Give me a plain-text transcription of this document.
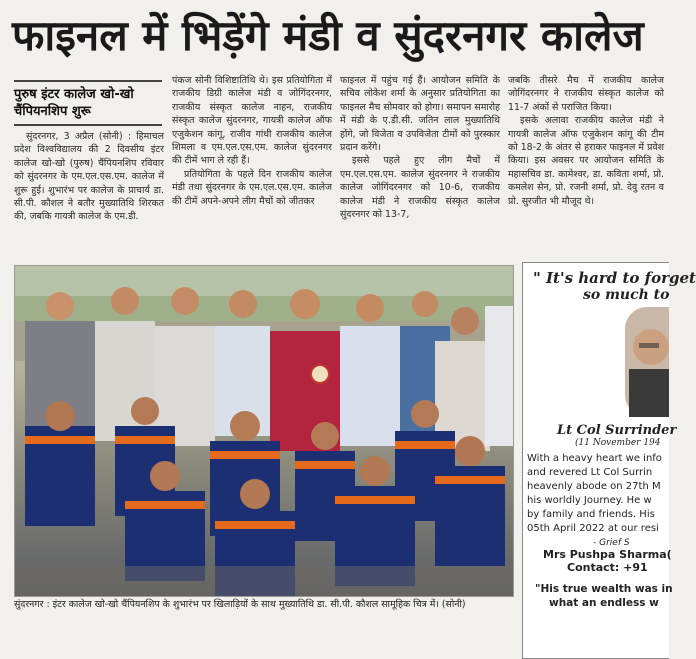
फाइनल में भिड़ेंगे मंडी व सुंदरनगर कालेज
पुरुष इंटर कालेज खो-खो चैंपियनशिप शुरू

सुंदरनगर, 3 अप्रैल (सोनी) : हिमाचल प्रदेश विश्वविद्यालय की 2 दिवसीय इंटर कालेज खो-खो (पुरुष) चैंपियनशिप रविवार को सुंदरनगर के एम.एल.एस.एम. कालेज में शुरू हुई। शुभारंभ पर कालेज के प्राचार्य डा. सी.पी. कौशल ने बतौर मुख्यातिथि शिरकत की, जबकि गायत्री कालेज के एम.डी.

पंकज सोनी विशिष्टातिथि थे। इस प्रतियोगिता में राजकीय डिग्री कालेज मंडी व जोगिंदरनगर, राजकीय संस्कृत कालेज नाहन, राजकीय संस्कृत कालेज सुंदरनगर, गायत्री कालेज ऑफ एजुकेशन कांगू, राजीव गांधी राजकीय कालेज शिमला व एम.एल.एस.एम. कालेज सुंदरनगर की टीमें भाग ले रही हैं।

प्रतियोगिता के पहले दिन राजकीय कालेज मंडी तथा सुंदरनगर के एम.एल.एस.एम. कालेज की टीमें अपने-अपने लीग मैचों को जीतकर

फाइनल में पहुंच गई हैं। आयोजन समिति के सचिव लोकेश शर्मा के अनुसार प्रतियोगिता का फाइनल मैच सोमवार को होगा। समापन समारोह में मंडी के ए.डी.सी. जतिन लाल मुख्यातिथि होंगे, जो विजेता व उपविजेता टीमों को पुरस्कार प्रदान करेंगे।

इससे पहले हुए लीग मैचों में एम.एल.एस.एम. कालेज सुंदरनगर ने राजकीय कालेज जोगिंदरनगर को 10-6, राजकीय कालेज मंडी ने राजकीय संस्कृत कालेज सुंदरनगर को 13-7,

जबकि तीसरे मैच में राजकीय कालेज जोगिंदरनगर ने राजकीय संस्कृत कालेज को 11-7 अंकों से पराजित किया।

इसके अलावा राजकीय कालेज मंडी ने गायत्री कालेज ऑफ एजुकेशन कांगू की टीम को 18-2 के अंतर से हराकर फाइनल में प्रवेश किया। इस अवसर पर आयोजन समिति के महासचिव डा. कामेश्वर, डा. कविता शर्मा, प्रो. कमलेश सेन, प्रो. रजनी शर्मा, प्रो. देवु रतन व प्रो. सुरजीत भी मौजूद थे।

सुंदरनगर : इंटर कालेज खो-खो चैंपियनशिप के शुभारंभ पर खिलाड़ियों के साथ मुख्यातिथि डा. सी.पी. कौशल सामूहिक चित्र में। (सोनी)
" It's hard to forget
so much to
Lt Col Surrinder
(11 November 194
With a heavy heart we info
and revered Lt Col Surrin
heavenly abode on 27th M
his worldly Journey. He w
by family and friends. His
05th April 2022 at our resi
- Grief S
Mrs Pushpa Sharma(
Contact: +91
"His true wealth was in
what an endless w
